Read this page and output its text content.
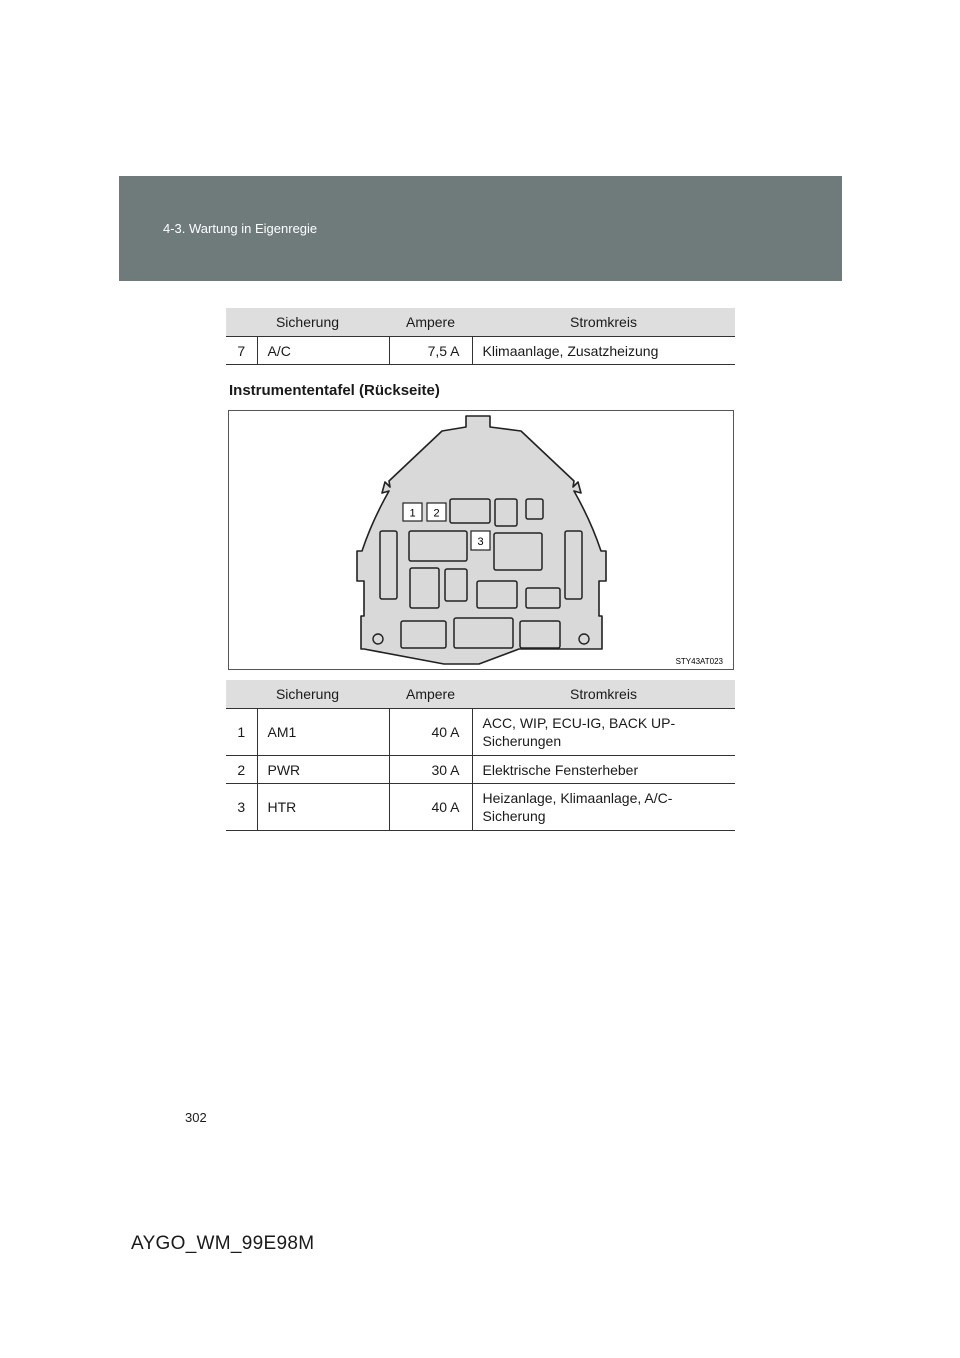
4-3. Wartung in Eigenregie
Sicherung		Ampere	Stromkreis
7	A/C	7,5 A	Klimaanlage, Zusatzheizung
Instrumententafel (Rückseite)
1 2
3
STY43AT023
Sicherung		Ampere	Stromkreis
1	AM1	40 A	ACC, WIP, ECU-IG, BACK UP-Sicherungen
2	PWR	30 A	Elektrische Fensterheber
3	HTR	40 A	Heizanlage, Klimaanlage, A/C-Sicherung
302
AYGO_WM_99E98M
